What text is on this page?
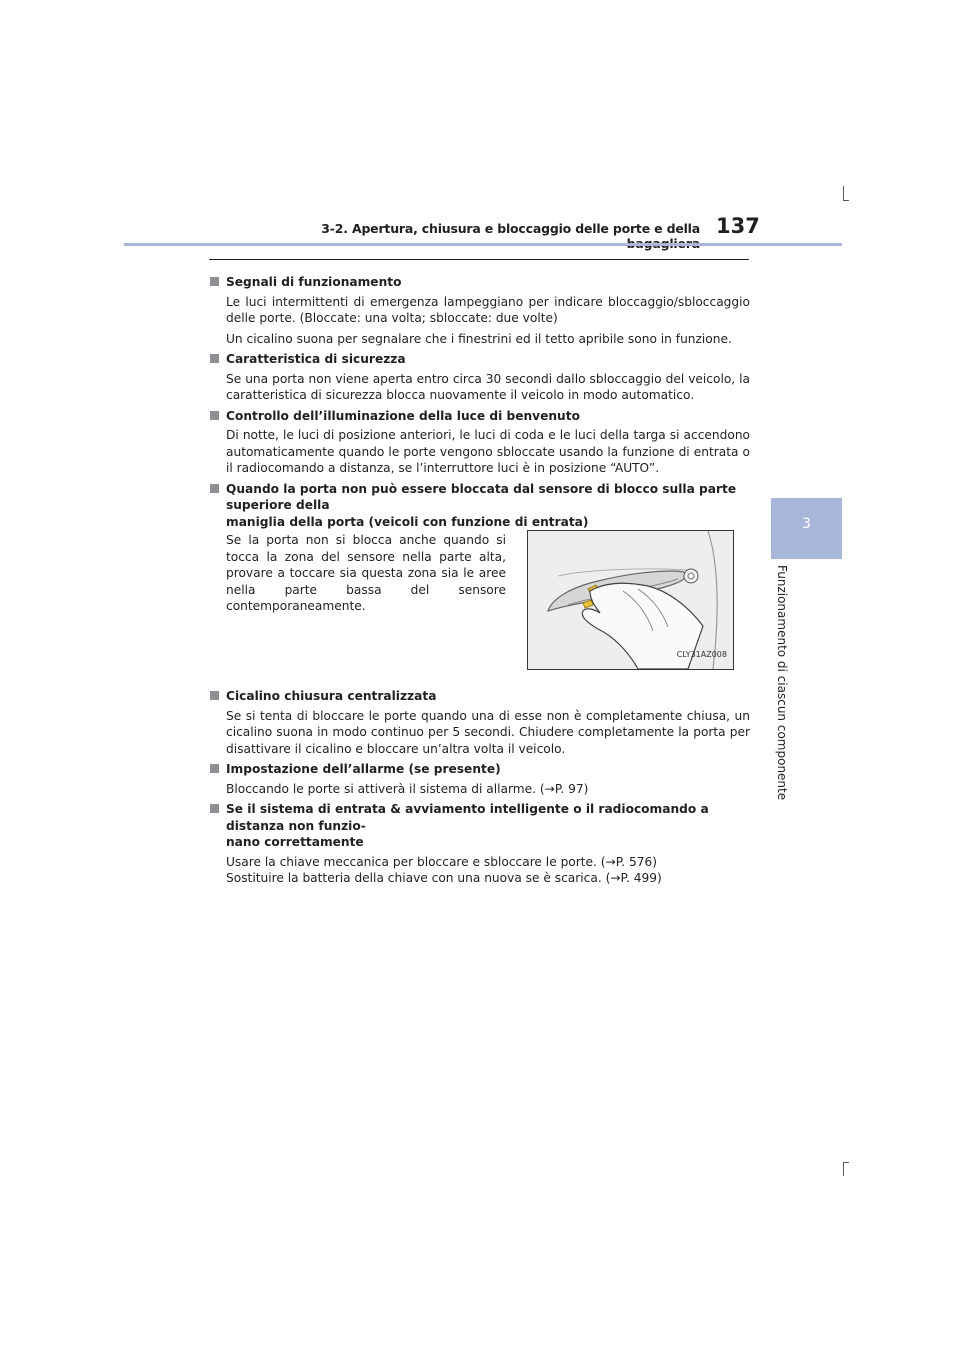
3-2. Apertura, chiusura e bloccaggio delle porte e della 137
3
Funzionamento di ciascun componente
Segnali di funzionamento

Le luci intermittenti di emergenza lampeggiano per indicare bloccaggio/sbloccaggio delle porte. (Bloccate: una volta; sbloccate: due volte)

Un cicalino suona per segnalare che i finestrini ed il tetto apribile sono in funzione.

Caratteristica di sicurezza

Se una porta non viene aperta entro circa 30 secondi dallo sbloccaggio del veicolo, la caratteristica di sicurezza blocca nuovamente il veicolo in modo automatico.

Controllo dell’illuminazione della luce di benvenuto

Di notte, le luci di posizione anteriori, le luci di coda e le luci della targa si accendono automaticamente quando le porte vengono sbloccate usando la funzione di entrata o il radiocomando a distanza, se l’interruttore luci è in posizione “AUTO”.

Quando la porta non può essere bloccata dal sensore di blocco sulla parte superiore della
maniglia della porta (veicoli con funzione di entrata)
Se la porta non si blocca anche quando si tocca la zona del sensore nella parte alta, provare a toccare sia questa zona sia le aree nella parte bassa del sensore contemporaneamente.
CLY31AZ008
Cicalino chiusura centralizzata

Se si tenta di bloccare le porte quando una di esse non è completamente chiusa, un cicalino suona in modo continuo per 5 secondi. Chiudere completamente la porta per disattivare il cicalino e bloccare un’altra volta il veicolo.

Impostazione dell’allarme (se presente)

Bloccando le porte si attiverà il sistema di allarme. (→P. 97)

Se il sistema di entrata & avviamento intelligente o il radiocomando a distanza non funzio-
nano correttamente

Usare la chiave meccanica per bloccare e sbloccare le porte. (→P. 576)

Sostituire la batteria della chiave con una nuova se è scarica. (→P. 499)
